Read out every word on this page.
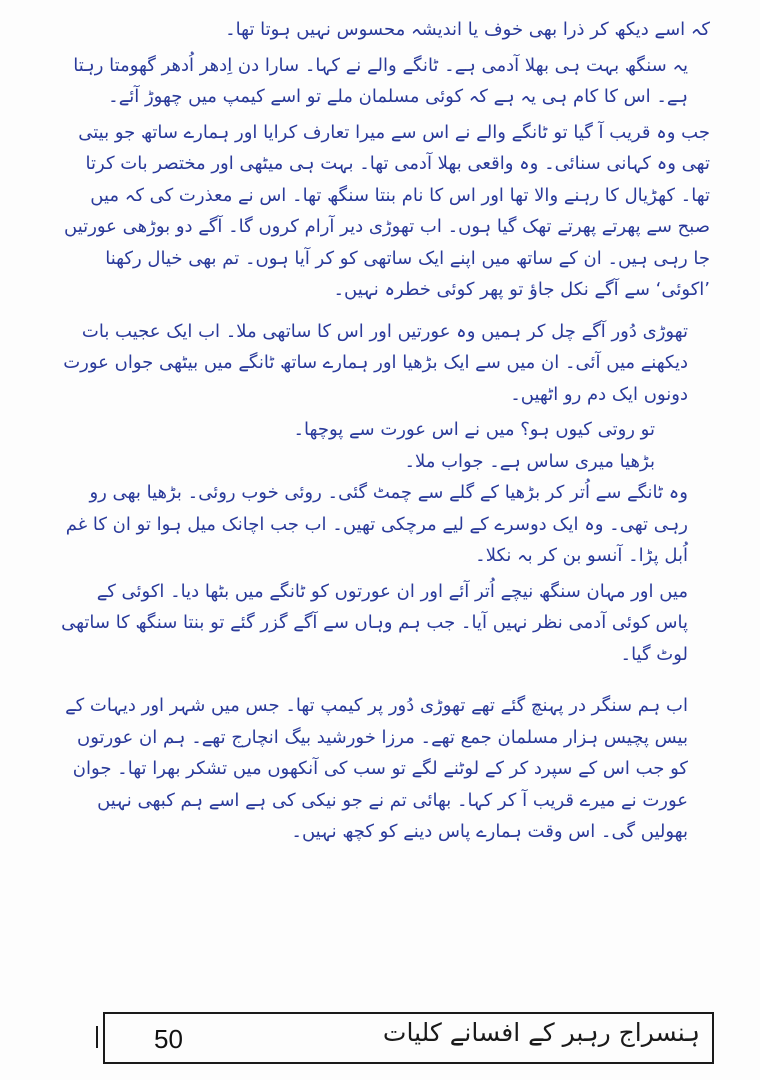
کہ اسے دیکھ کر ذرا بھی خوف یا اندیشہ محسوس نہیں ہوتا تھا۔

یہ سنگھ بہت ہی بھلا آدمی ہے۔ ٹانگے والے نے کہا۔ سارا دن اِدھر اُدھر گھومتا رہتا ہے۔ اس کا کام ہی یہ ہے کہ کوئی مسلمان ملے تو اسے کیمپ میں چھوڑ آئے۔

جب وہ قریب آ گیا تو ٹانگے والے نے اس سے میرا تعارف کرایا اور ہمارے ساتھ جو بیتی تھی وہ کہانی سنائی۔ وہ واقعی بھلا آدمی تھا۔ بہت ہی میٹھی اور مختصر بات کرتا تھا۔ کھڑیال کا رہنے والا تھا اور اس کا نام بنتا سنگھ تھا۔ اس نے معذرت کی کہ میں صبح سے پھرتے پھرتے تھک گیا ہوں۔ اب تھوڑی دیر آرام کروں گا۔ آگے دو بوڑھی عورتیں جا رہی ہیں۔ ان کے ساتھ میں اپنے ایک ساتھی کو کر آیا ہوں۔ تم بھی خیال رکھنا ’اکوئی‘ سے آگے نکل جاؤ تو پھر کوئی خطرہ نہیں۔

تھوڑی دُور آگے چل کر ہمیں وہ عورتیں اور اس کا ساتھی ملا۔ اب ایک عجیب بات دیکھنے میں آئی۔ ان میں سے ایک بڑھیا اور ہمارے ساتھ ٹانگے میں بیٹھی جواں عورت دونوں ایک دم رو اٹھیں۔

تو روتی کیوں ہو؟ میں نے اس عورت سے پوچھا۔

بڑھیا میری ساس ہے۔ جواب ملا۔

وہ ٹانگے سے اُتر کر بڑھیا کے گلے سے چمٹ گئی۔ روئی خوب روئی۔ بڑھیا بھی رو رہی تھی۔ وہ ایک دوسرے کے لیے مرچکی تھیں۔ اب جب اچانک میل ہوا تو ان کا غم اُبل پڑا۔ آنسو بن کر بہ نکلا۔

میں اور مہان سنگھ نیچے اُتر آئے اور ان عورتوں کو ٹانگے میں بٹھا دیا۔ اکوئی کے پاس کوئی آدمی نظر نہیں آیا۔ جب ہم وہاں سے آگے گزر گئے تو بنتا سنگھ کا ساتھی لوٹ گیا۔

اب ہم سنگر در پہنچ گئے تھے تھوڑی دُور پر کیمپ تھا۔ جس میں شہر اور دیہات کے بیس پچیس ہزار مسلمان جمع تھے۔ مرزا خورشید بیگ انچارج تھے۔ ہم ان عورتوں کو جب اس کے سپرد کر کے لوٹنے لگے تو سب کی آنکھوں میں تشکر بھرا تھا۔ جوان عورت نے میرے قریب آ کر کہا۔ بھائی تم نے جو نیکی کی ہے اسے ہم کبھی نہیں بھولیں گی۔ اس وقت ہمارے پاس دینے کو کچھ نہیں۔

50	ہنسراج رہبر کے افسانے کلیات
